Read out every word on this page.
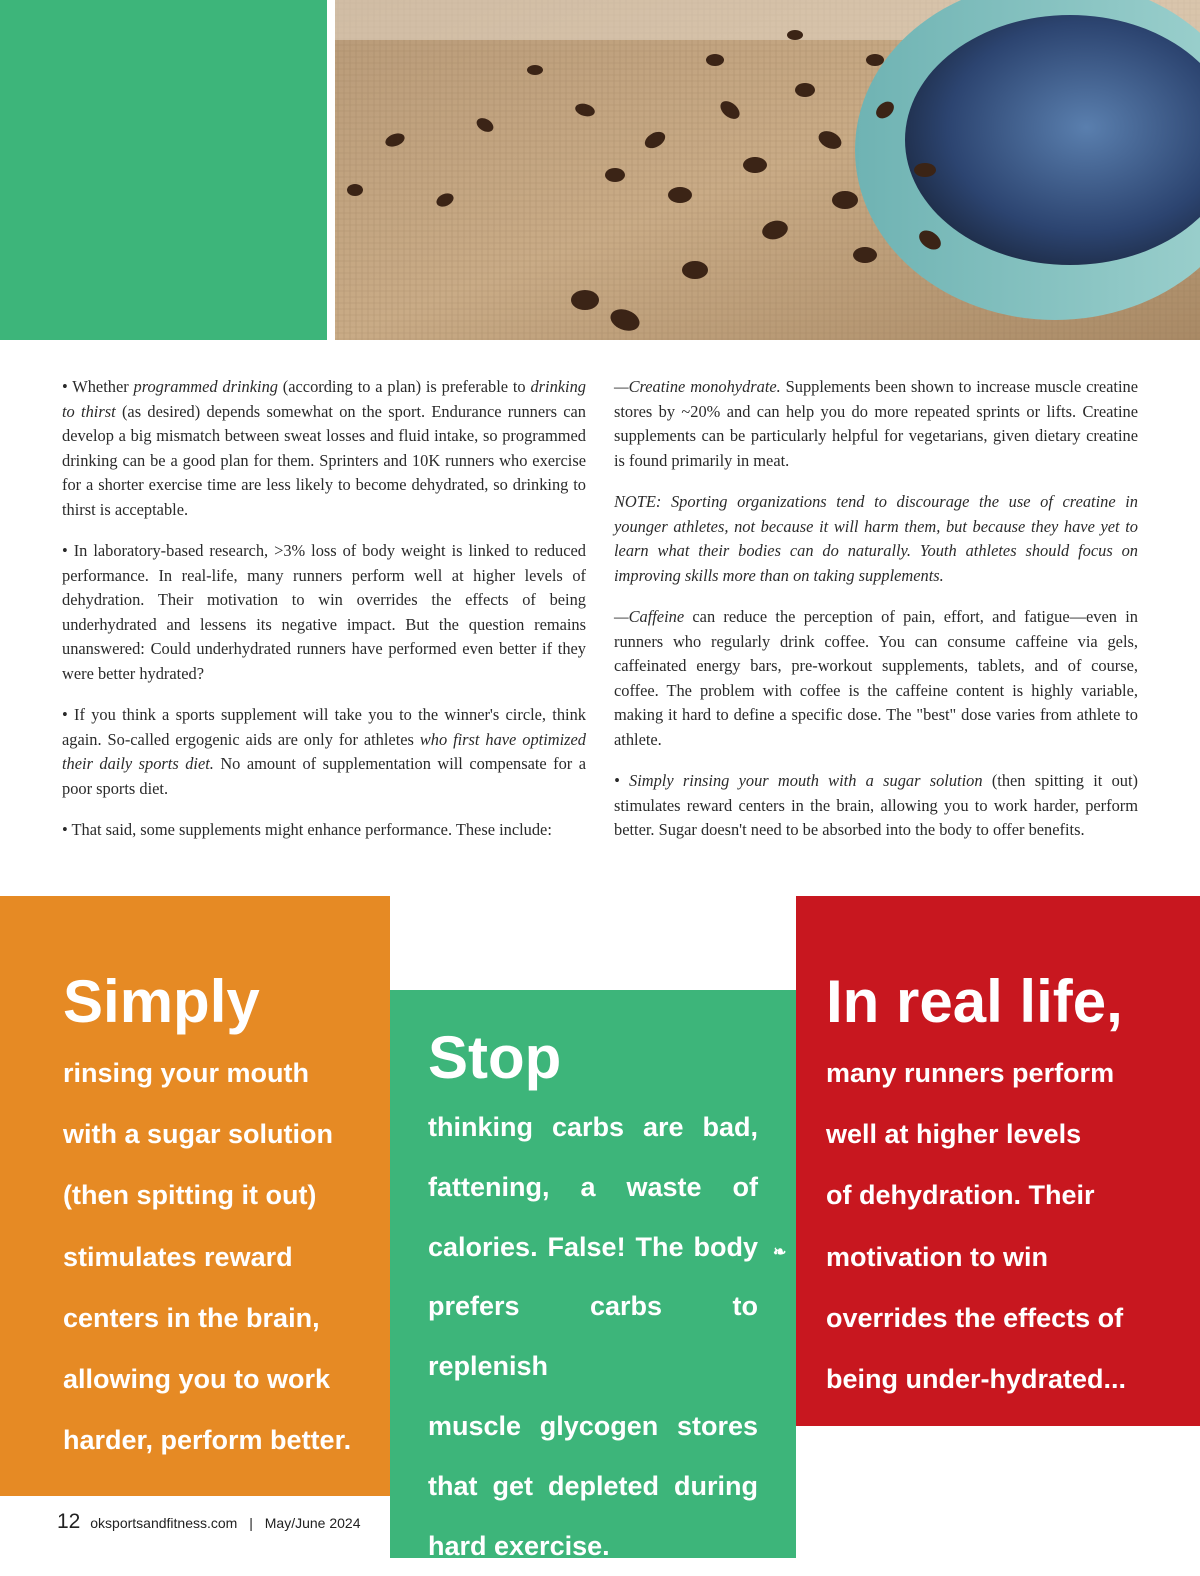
• Whether programmed drinking (according to a plan) is preferable to drinking to thirst (as desired) depends somewhat on the sport. Endurance runners can develop a big mismatch between sweat losses and fluid intake, so programmed drinking can be a good plan for them. Sprinters and 10K runners who exercise for a shorter exercise time are less likely to become dehydrated, so drinking to thirst is acceptable.

• In laboratory-based research, >3% loss of body weight is linked to reduced performance. In real-life, many runners perform well at higher levels of dehydration. Their motivation to win overrides the effects of being underhydrated and lessens its negative impact. But the question remains unanswered: Could underhydrated runners have performed even better if they were better hydrated?

• If you think a sports supplement will take you to the winner's circle, think again. So-called ergogenic aids are only for athletes who first have optimized their daily sports diet. No amount of supplementation will compensate for a poor sports diet.

• That said, some supplements might enhance performance. These include:

—Creatine monohydrate. Supplements been shown to increase muscle creatine stores by ~20% and can help you do more repeated sprints or lifts. Creatine supplements can be particularly helpful for vegetarians, given dietary creatine is found primarily in meat.

NOTE: Sporting organizations tend to discourage the use of creatine in younger athletes, not because it will harm them, but because they have yet to learn what their bodies can do naturally. Youth athletes should focus on improving skills more than on taking supplements.

—Caffeine can reduce the perception of pain, effort, and fatigue—even in runners who regularly drink coffee. You can consume caffeine via gels, caffeinated energy bars, pre-workout supplements, tablets, and of course, coffee. The problem with coffee is the caffeine content is highly variable, making it hard to define a specific dose. The "best" dose varies from athlete to athlete.

• Simply rinsing your mouth with a sugar solution (then spitting it out) stimulates reward centers in the brain, allowing you to work harder, perform better. Sugar doesn't need to be absorbed into the body to offer benefits.

Simply
rinsing your mouth
with a sugar solution
(then spitting it out)
stimulates reward
centers in the brain,
allowing you to work
harder, perform better.
Stop
thinking carbs are bad,
fattening, a waste of
calories. False! The body
prefers carbs to replenish
muscle glycogen stores
that get depleted during
hard exercise.
❧
In real life,
many runners perform
well at higher levels
of dehydration. Their
motivation to win
overrides the effects of
being under-hydrated...
12 oksportsandfitness.com | May/June 2024
